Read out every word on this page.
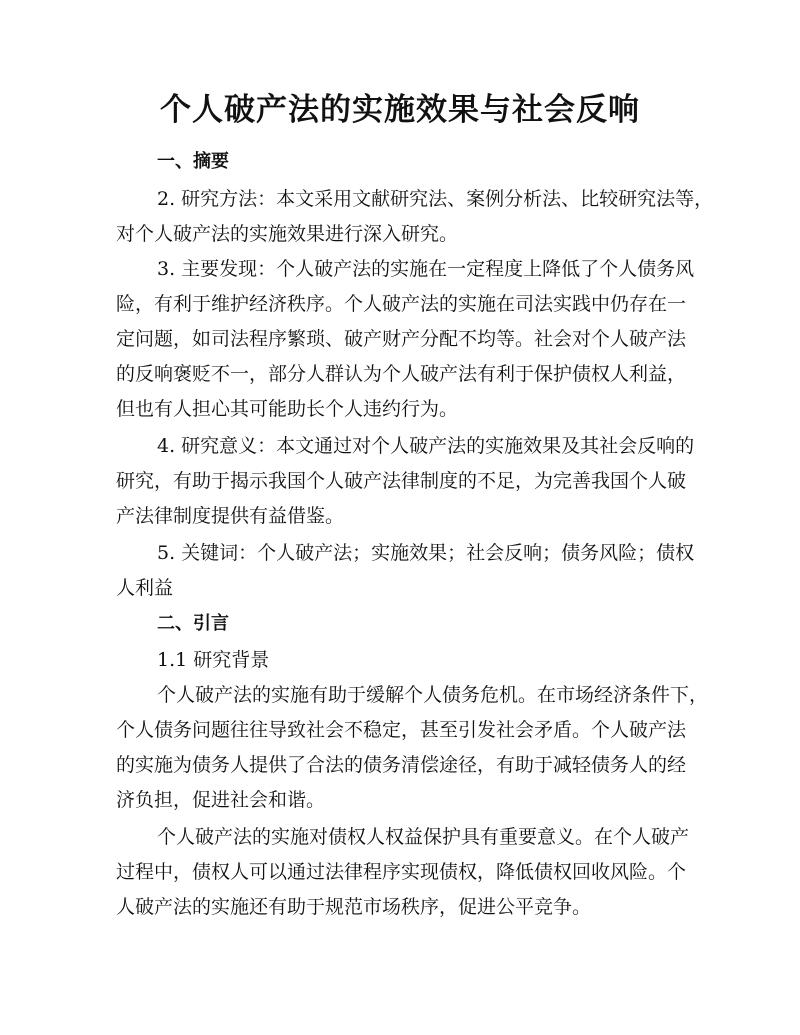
个人破产法的实施效果与社会反响
一、摘要
2. 研究方法：本文采用文献研究法、案例分析法、比较研究法等，
对个人破产法的实施效果进行深入研究。
3. 主要发现：个人破产法的实施在一定程度上降低了个人债务风
险，有利于维护经济秩序。个人破产法的实施在司法实践中仍存在一
定问题，如司法程序繁琐、破产财产分配不均等。社会对个人破产法
的反响褒贬不一，部分人群认为个人破产法有利于保护债权人利益，
但也有人担心其可能助长个人违约行为。
4. 研究意义：本文通过对个人破产法的实施效果及其社会反响的
研究，有助于揭示我国个人破产法律制度的不足，为完善我国个人破
产法律制度提供有益借鉴。
5. 关键词：个人破产法；实施效果；社会反响；债务风险；债权
人利益
二、引言
1.1 研究背景
个人破产法的实施有助于缓解个人债务危机。在市场经济条件下，
个人债务问题往往导致社会不稳定，甚至引发社会矛盾。个人破产法
的实施为债务人提供了合法的债务清偿途径，有助于减轻债务人的经
济负担，促进社会和谐。
个人破产法的实施对债权人权益保护具有重要意义。在个人破产
过程中，债权人可以通过法律程序实现债权，降低债权回收风险。个
人破产法的实施还有助于规范市场秩序，促进公平竞争。
